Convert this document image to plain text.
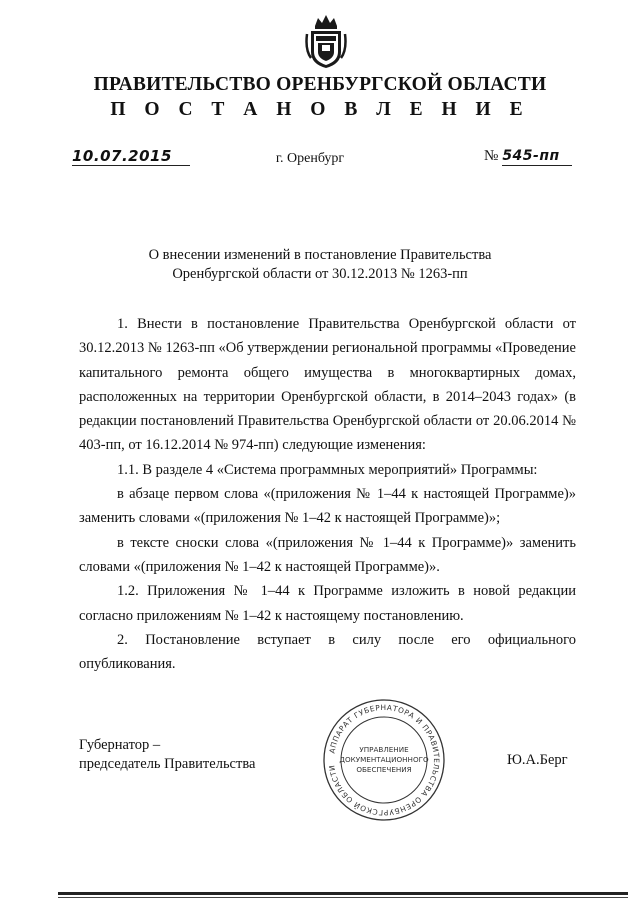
ПРАВИТЕЛЬСТВО ОРЕНБУРГСКОЙ ОБЛАСТИ
П О С Т А Н О В Л Е Н И Е
10.07.2015	г. Оренбург	№ 545-пп
О внесении изменений в постановление Правительства
Оренбургской области от 30.12.2013 № 1263-пп

1. Внести в постановление Правительства Оренбургской области от 30.12.2013 № 1263-пп «Об утверждении региональной программы «Проведение капитального ремонта общего имущества в многоквартирных домах, расположенных на территории Оренбургской области, в 2014–2043 годах» (в редакции постановлений Правительства Оренбургской области от 20.06.2014 № 403-пп, от 16.12.2014 № 974-пп) следующие изменения:

1.1. В разделе 4 «Система программных мероприятий» Программы:

в абзаце первом слова «(приложения № 1–44 к настоящей Программе)» заменить словами «(приложения № 1–42 к настоящей Программе)»;

в тексте сноски слова «(приложения № 1–44 к Программе)» заменить словами «(приложения № 1–42 к настоящей Программе)».

1.2. Приложения № 1–44 к Программе изложить в новой редакции согласно приложениям № 1–42 к настоящему постановлению.

2. Постановление вступает в силу после его официального опубликования.

Губернатор –
председатель Правительства	Ю.А.Берг
АППАРАТ ГУБЕРНАТОРА И ПРАВИТЕЛЬСТВА ОРЕНБУРГСКОЙ ОБЛАСТИ
УПРАВЛЕНИЕ
ДОКУМЕНТАЦИОННОГО
ОБЕСПЕЧЕНИЯ
